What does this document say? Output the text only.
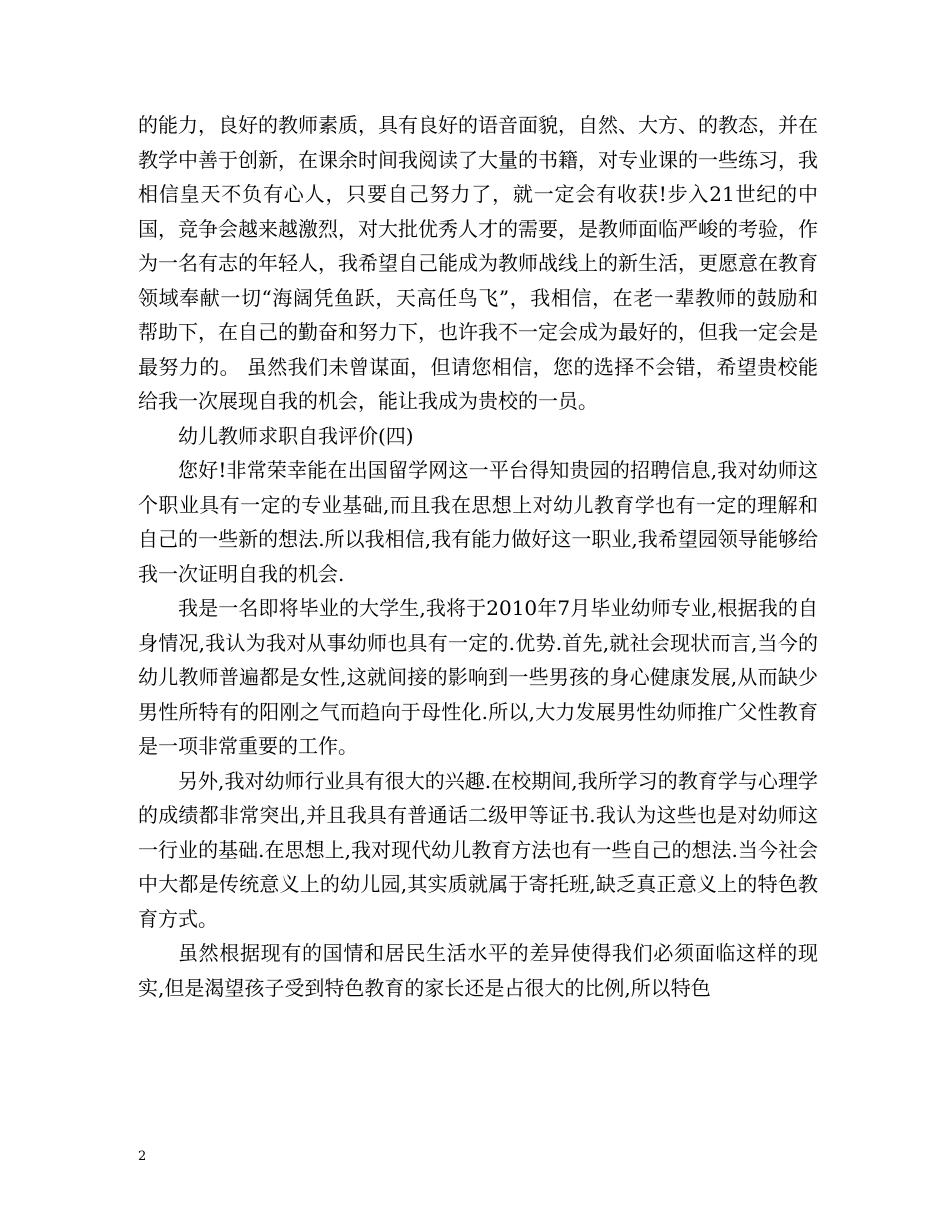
的能力，良好的教师素质，具有良好的语音面貌，自然、大方、的教态，并在教学中善于创新，在课余时间我阅读了大量的书籍，对专业课的一些练习，我相信皇天不负有心人，只要自己努力了，就一定会有收获!步入21世纪的中国，竞争会越来越激烈，对大批优秀人才的需要，是教师面临严峻的考验，作为一名有志的年轻人，我希望自己能成为教师战线上的新生活，更愿意在教育领域奉献一切“海阔凭鱼跃，天高任鸟飞”，我相信，在老一辈教师的鼓励和帮助下，在自己的勤奋和努力下，也许我不一定会成为最好的，但我一定会是最努力的。 虽然我们未曾谋面，但请您相信，您的选择不会错，希望贵校能给我一次展现自我的机会，能让我成为贵校的一员。

幼儿教师求职自我评价(四)

您好!非常荣幸能在出国留学网这一平台得知贵园的招聘信息,我对幼师这个职业具有一定的专业基础,而且我在思想上对幼儿教育学也有一定的理解和自己的一些新的想法.所以我相信,我有能力做好这一职业,我希望园领导能够给我一次证明自我的机会.

我是一名即将毕业的大学生,我将于2010年7月毕业幼师专业,根据我的自身情况,我认为我对从事幼师也具有一定的.优势.首先,就社会现状而言,当今的幼儿教师普遍都是女性,这就间接的影响到一些男孩的身心健康发展,从而缺少男性所特有的阳刚之气而趋向于母性化.所以,大力发展男性幼师推广父性教育是一项非常重要的工作。

另外,我对幼师行业具有很大的兴趣.在校期间,我所学习的教育学与心理学的成绩都非常突出,并且我具有普通话二级甲等证书.我认为这些也是对幼师这一行业的基础.在思想上,我对现代幼儿教育方法也有一些自己的想法.当今社会中大都是传统意义上的幼儿园,其实质就属于寄托班,缺乏真正意义上的特色教育方式。

虽然根据现有的国情和居民生活水平的差异使得我们必须面临这样的现实,但是渴望孩子受到特色教育的家长还是占很大的比例,所以特色

2
